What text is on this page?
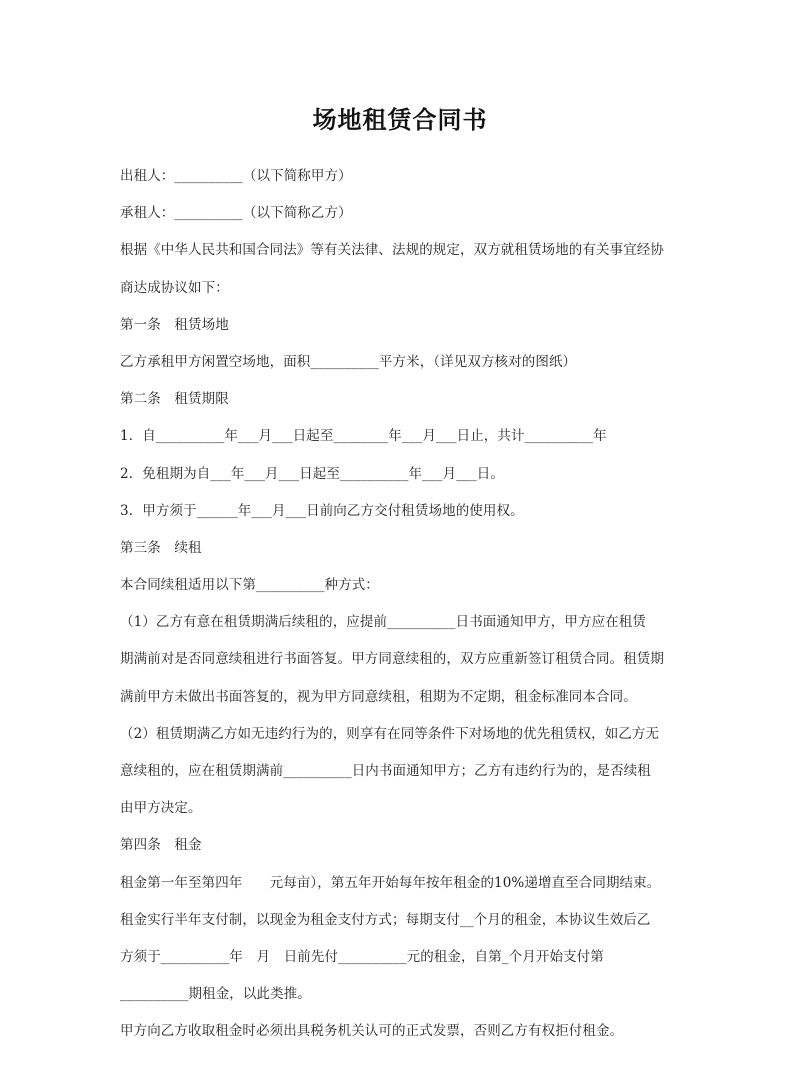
场地租赁合同书
出租人：__________（以下简称甲方）
承租人：__________（以下简称乙方）
根据《中华人民共和国合同法》等有关法律、法规的规定，双方就租赁场地的有关事宜经协
商达成协议如下：
第一条　租赁场地
乙方承租甲方闲置空场地，面积__________平方米，（详见双方核对的图纸）
第二条　租赁期限
1．自__________年___月___日起至________年___月___日止，共计__________年
2．免租期为自___年___月___日起至__________年___月___日。
3．甲方须于______年___月___日前向乙方交付租赁场地的使用权。
第三条　续租
本合同续租适用以下第__________种方式：
（1）乙方有意在租赁期满后续租的，应提前__________日书面通知甲方，甲方应在租赁
期满前对是否同意续租进行书面答复。甲方同意续租的，双方应重新签订租赁合同。租赁期
满前甲方未做出书面答复的，视为甲方同意续租，租期为不定期，租金标准同本合同。
（2）租赁期满乙方如无违约行为的，则享有在同等条件下对场地的优先租赁权，如乙方无
意续租的，应在租赁期满前__________日内书面通知甲方；乙方有违约行为的，是否续租
由甲方决定。
第四条　租金
租金第一年至第四年　　元每亩），第五年开始每年按年租金的10%递增直至合同期结束。
租金实行半年支付制，以现金为租金支付方式；每期支付__个月的租金，本协议生效后乙
方须于__________年　月　日前先付__________元的租金，自第_个月开始支付第
__________期租金，以此类推。
甲方向乙方收取租金时必须出具税务机关认可的正式发票，否则乙方有权拒付租金。
